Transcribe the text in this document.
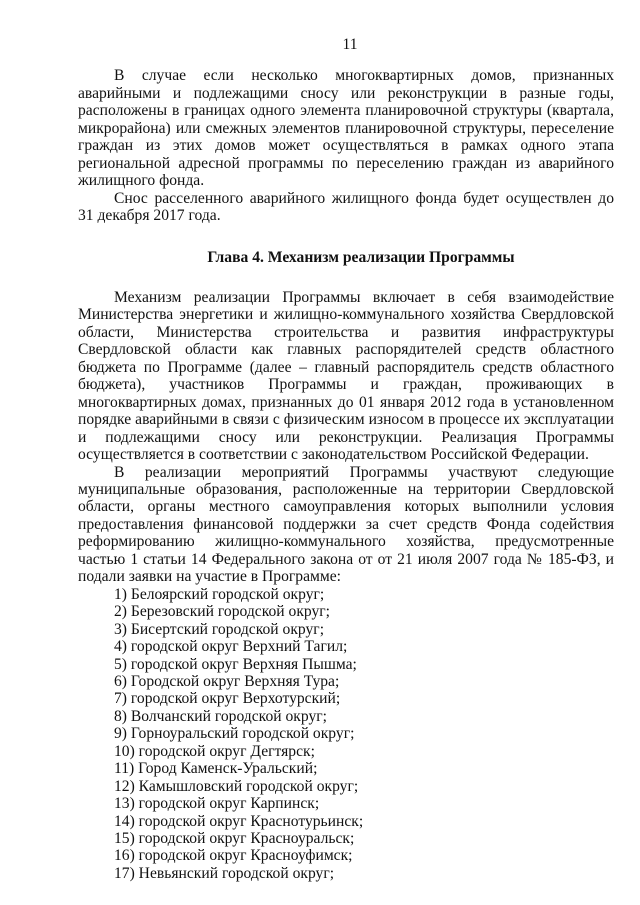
11

В случае если несколько многоквартирных домов, признанных аварийными и подлежащими сносу или реконструкции в разные годы, расположены в границах одного элемента планировочной структуры (квартала, микрорайона) или смежных элементов планировочной структуры, переселение граждан из этих домов может осуществляться в рамках одного этапа региональной адресной программы по переселению граждан из аварийного жилищного фонда.

Снос расселенного аварийного жилищного фонда будет осуществлен до 31 декабря 2017 года.

Глава 4. Механизм реализации Программы

Механизм реализации Программы включает в себя взаимодействие Министерства энергетики и жилищно-коммунального хозяйства Свердловской области, Министерства строительства и развития инфраструктуры Свердловской области как главных распорядителей средств областного бюджета по Программе (далее – главный распорядитель средств областного бюджета), участников Программы и граждан, проживающих в многоквартирных домах, признанных до 01 января 2012 года в установленном порядке аварийными в связи с физическим износом в процессе их эксплуатации и подлежащими сносу или реконструкции. Реализация Программы осуществляется в соответствии с законодательством Российской Федерации.

В реализации мероприятий Программы участвуют следующие муниципальные образования, расположенные на территории Свердловской области, органы местного самоуправления которых выполнили условия предоставления финансовой поддержки за счет средств Фонда содействия реформированию жилищно-коммунального хозяйства, предусмотренные частью 1 статьи 14 Федерального закона от от 21 июля 2007 года № 185-ФЗ, и подали заявки на участие в Программе:

1) Белоярский городской округ;
2) Березовский городской округ;
3) Бисертский городской округ;
4) городской округ Верхний Тагил;
5) городской округ Верхняя Пышма;
6) Городской округ Верхняя Тура;
7) городской округ Верхотурский;
8) Волчанский городской округ;
9) Горноуральский городской округ;
10) городской округ Дегтярск;
11) Город Каменск-Уральский;
12) Камышловский городской округ;
13) городской округ Карпинск;
14) городской округ Краснотурьинск;
15) городской округ Красноуральск;
16) городской округ Красноуфимск;
17) Невьянский городской округ;
